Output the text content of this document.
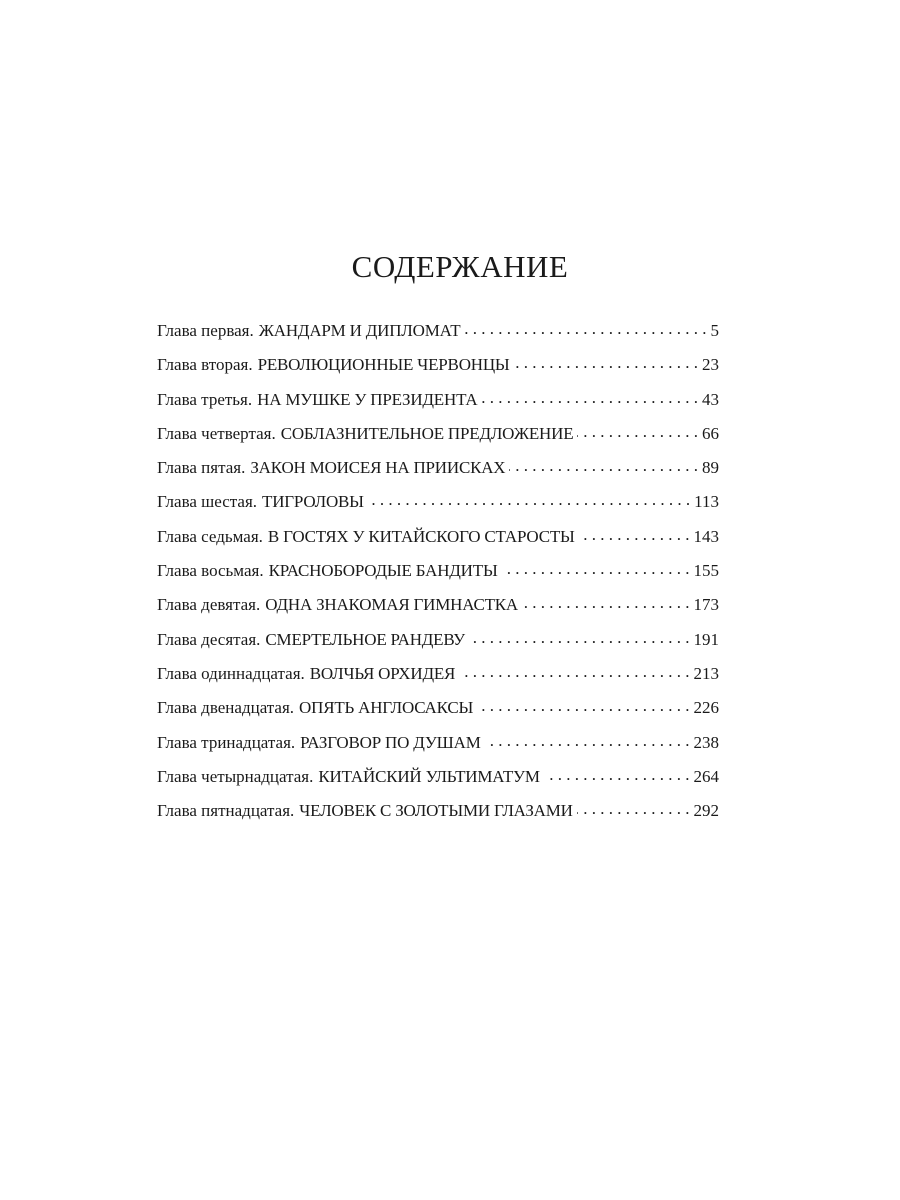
СОДЕРЖАНИЕ
Глава первая. ЖАНДАРМ И ДИПЛОМАТ . . .	5
Глава вторая. РЕВОЛЮЦИОННЫЕ ЧЕРВОНЦЫ . . .	23
Глава третья. НА МУШКЕ У ПРЕЗИДЕНТА . . .	43
Глава четвертая. СОБЛАЗНИТЕЛЬНОЕ ПРЕДЛОЖЕНИЕ . . .	66
Глава пятая. ЗАКОН МОИСЕЯ НА ПРИИСКАХ . . .	89
Глава шестая. ТИГРОЛОВЫ . . .	113
Глава седьмая. В ГОСТЯХ У КИТАЙСКОГО СТАРОСТЫ . . .	143
Глава восьмая. КРАСНОБОРОДЫЕ БАНДИТЫ . . .	155
Глава девятая. ОДНА ЗНАКОМАЯ ГИМНАСТКА . . .	173
Глава десятая. СМЕРТЕЛЬНОЕ РАНДЕВУ . . .	191
Глава одиннадцатая. ВОЛЧЬЯ ОРХИДЕЯ . . .	213
Глава двенадцатая. ОПЯТЬ АНГЛОСАКСЫ . . .	226
Глава тринадцатая. РАЗГОВОР ПО ДУШАМ . . .	238
Глава четырнадцатая. КИТАЙСКИЙ УЛЬТИМАТУМ . . .	264
Глава пятнадцатая. ЧЕЛОВЕК С ЗОЛОТЫМИ ГЛАЗАМИ . . .	292
